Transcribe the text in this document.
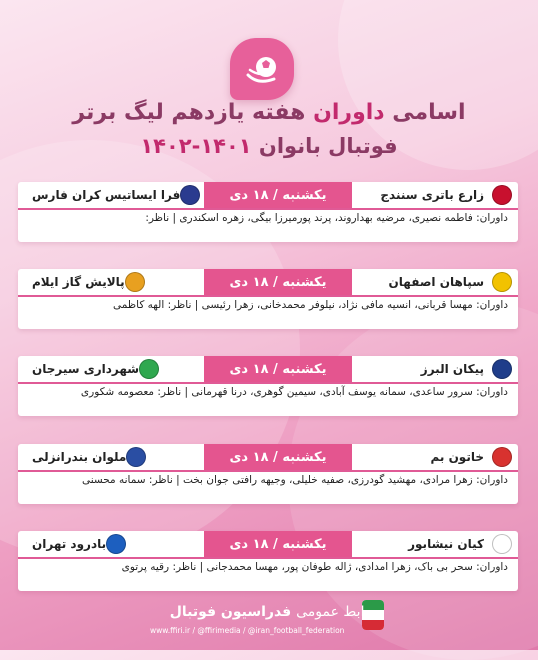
اسامی داوران هفته یازدهم لیگ برتر
فوتبال بانوان ۱۴۰۱-۱۴۰۲
زارع باتری سنندج
یکشنبه / ۱۸ دی
فرا ایساتیس کران فارس
داوران: فاطمه نصیری، مرضیه بهداروند، پرند پورمیرزا بیگی، زهره اسکندری | ناظر:
سپاهان اصفهان
یکشنبه / ۱۸ دی
پالایش گاز ایلام
داوران: مهسا قربانی، انسیه مافی نژاد، نیلوفر محمدخانی، زهرا رئیسی | ناظر: الهه کاظمی
پیکان البرز
یکشنبه / ۱۸ دی
شهرداری سیرجان
داوران: سرور ساعدی، سمانه یوسف آبادی، سیمین گوهری، درنا قهرمانی | ناظر: معصومه شکوری
خاتون بم
یکشنبه / ۱۸ دی
ملوان بندرانزلی
داوران: زهرا مرادی، مهشید گودرزی، صفیه خلیلی، وجیهه رافتی جوان بخت | ناظر: سمانه محسنی
کیان نیشابور
یکشنبه / ۱۸ دی
بادرود تهران
داوران: سحر بی باک، زهرا امدادی، ژاله طوفان پور، مهسا محمدجانی | ناظر: رقیه پرتوی
روابط عمومی فدراسیون فوتبال
www.ffiri.ir / @ffirimedia / @iran_football_federation
